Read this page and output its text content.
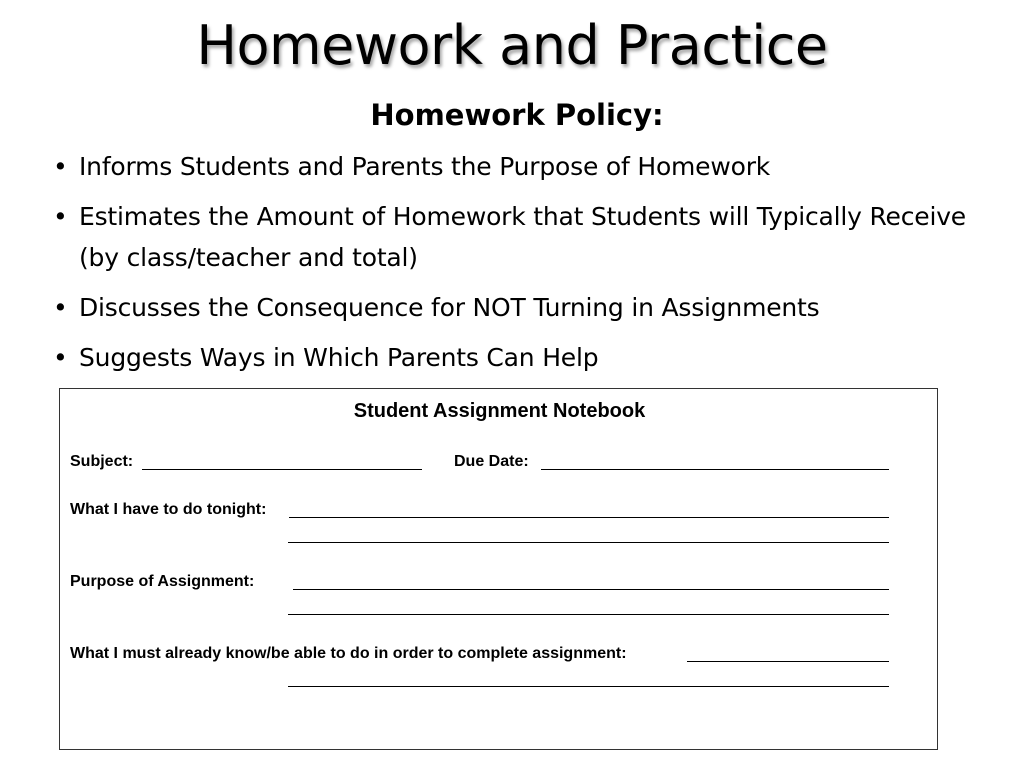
Homework and Practice
Homework Policy:
• Informs Students and Parents the Purpose of Homework
• Estimates the Amount of Homework that Students will Typically Receive (by class/teacher and total)
• Discusses the Consequence for NOT Turning in Assignments
• Suggests Ways in Which Parents Can Help
Student Assignment Notebook
Subject:	Due Date:
What I have to do tonight:
Purpose of Assignment:
What I must already know/be able to do in order to complete assignment:
